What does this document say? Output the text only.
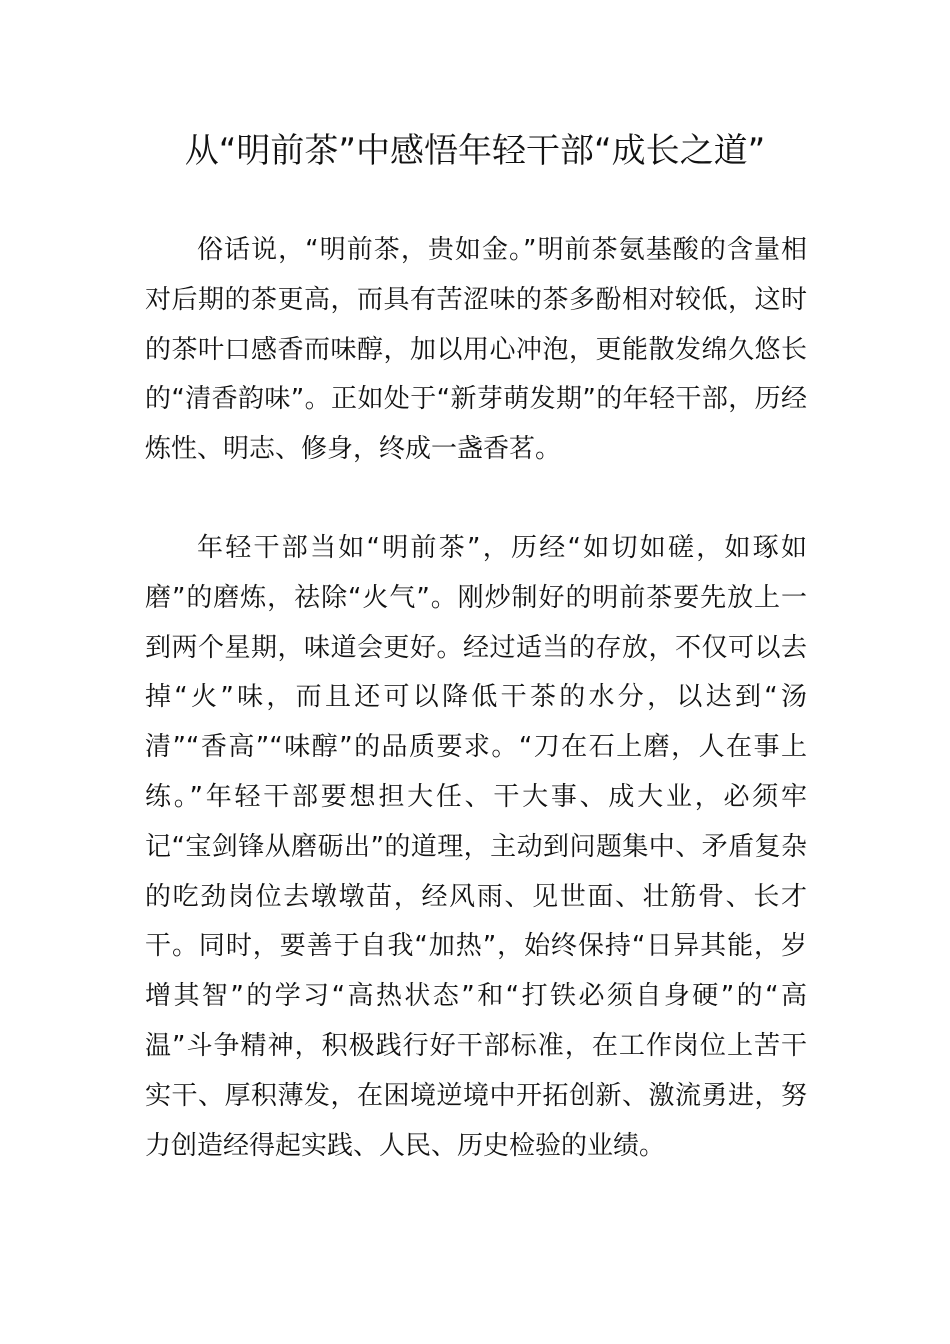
从“明前茶”中感悟年轻干部“成长之道”

俗话说，“明前茶，贵如金。”明前茶氨基酸的含量相对后期的茶更高，而具有苦涩味的茶多酚相对较低，这时的茶叶口感香而味醇，加以用心冲泡，更能散发绵久悠长的“清香韵味”。正如处于“新芽萌发期”的年轻干部，历经炼性、明志、修身，终成一盏香茗。

年轻干部当如“明前茶”，历经“如切如磋，如琢如磨”的磨炼，祛除“火气”。刚炒制好的明前茶要先放上一到两个星期，味道会更好。经过适当的存放，不仅可以去掉“火”味，而且还可以降低干茶的水分，以达到“汤清”“香高”“味醇”的品质要求。“刀在石上磨，人在事上练。”年轻干部要想担大任、干大事、成大业，必须牢记“宝剑锋从磨砺出”的道理，主动到问题集中、矛盾复杂的吃劲岗位去墩墩苗，经风雨、见世面、壮筋骨、长才干。同时，要善于自我“加热”，始终保持“日异其能，岁增其智”的学习“高热状态”和“打铁必须自身硬”的“高温”斗争精神，积极践行好干部标准，在工作岗位上苦干实干、厚积薄发，在困境逆境中开拓创新、激流勇进，努力创造经得起实践、人民、历史检验的业绩。
